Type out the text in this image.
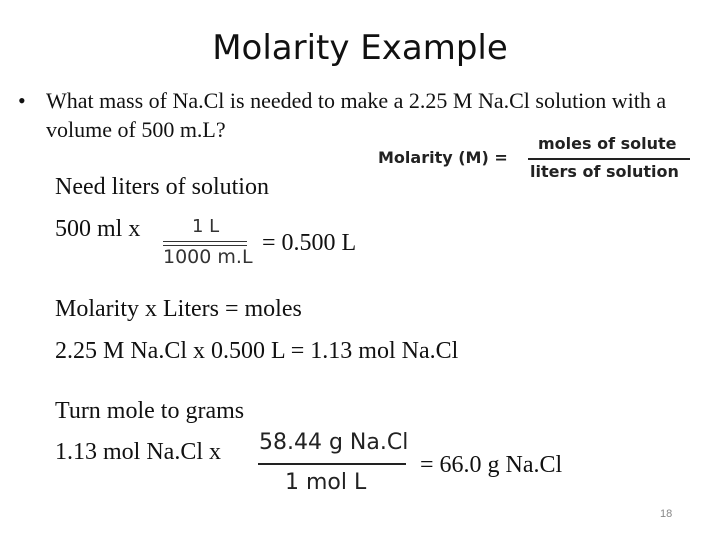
Molarity Example
• What mass of Na.Cl is needed to make a 2.25 M Na.Cl solution with a volume of 500 m.L?
Molarity (M) =
moles of solute
liters of solution
Need liters of solution
500 ml x	1 L
1000 m.L
= 0.500 L
Molarity x Liters = moles
2.25 M Na.Cl x 0.500 L = 1.13 mol Na.Cl
Turn mole to grams
1.13 mol Na.Cl x 58.44 g Na.Cl
1 mol L
= 66.0 g Na.Cl
18
